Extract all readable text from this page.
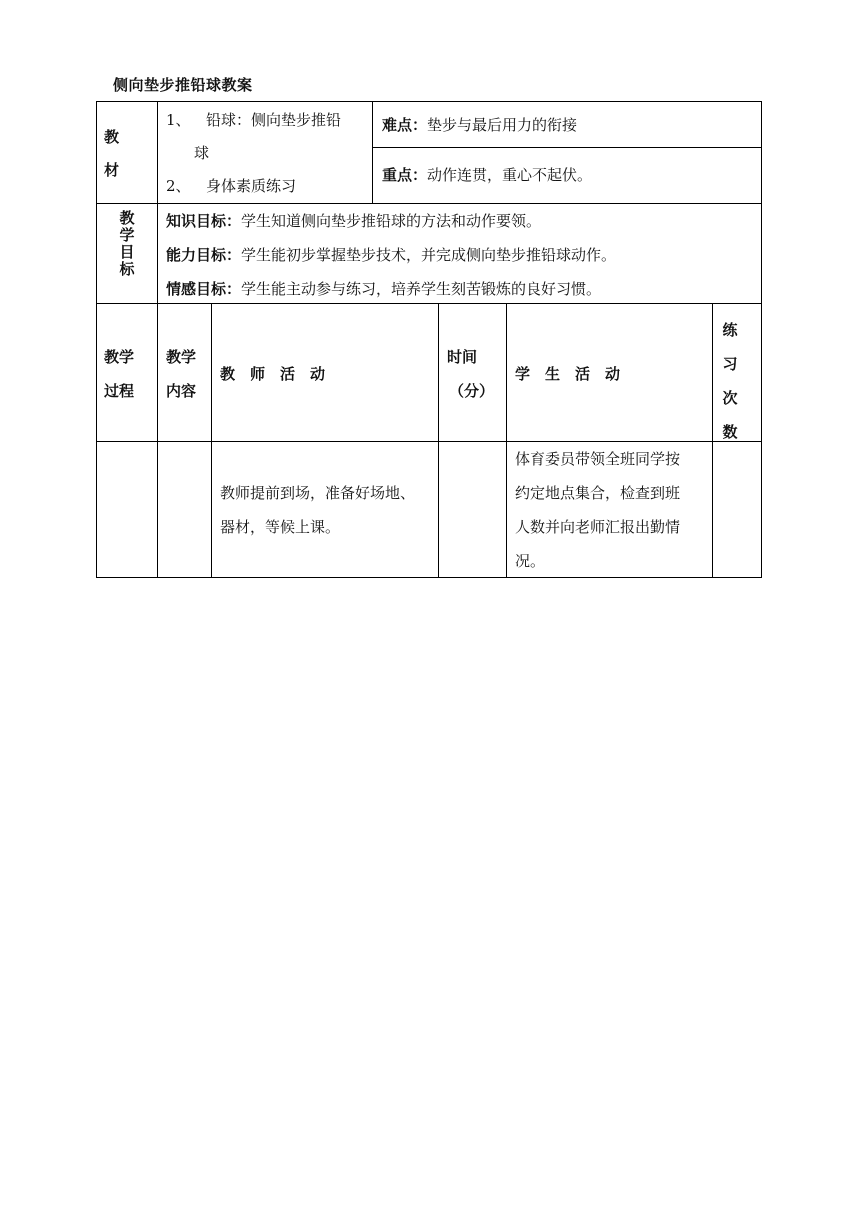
侧向垫步推铅球教案
教
材
1、 铅球：侧向垫步推铅
球
2、 身体素质练习
难点：垫步与最后用力的衔接
重点：动作连贯，重心不起伏。
教
学
目
标
知识目标：学生知道侧向垫步推铅球的方法和动作要领。
能力目标：学生能初步掌握垫步技术，并完成侧向垫步推铅球动作。
情感目标：学生能主动参与练习，培养学生刻苦锻炼的良好习惯。
教学
过程
教学
内容
教　师　活　动
时间
（分）
学　生　活　动
练
习
次
数
教师提前到场，准备好场地、
器材，等候上课。
体育委员带领全班同学按
约定地点集合，检查到班
人数并向老师汇报出勤情
况。
